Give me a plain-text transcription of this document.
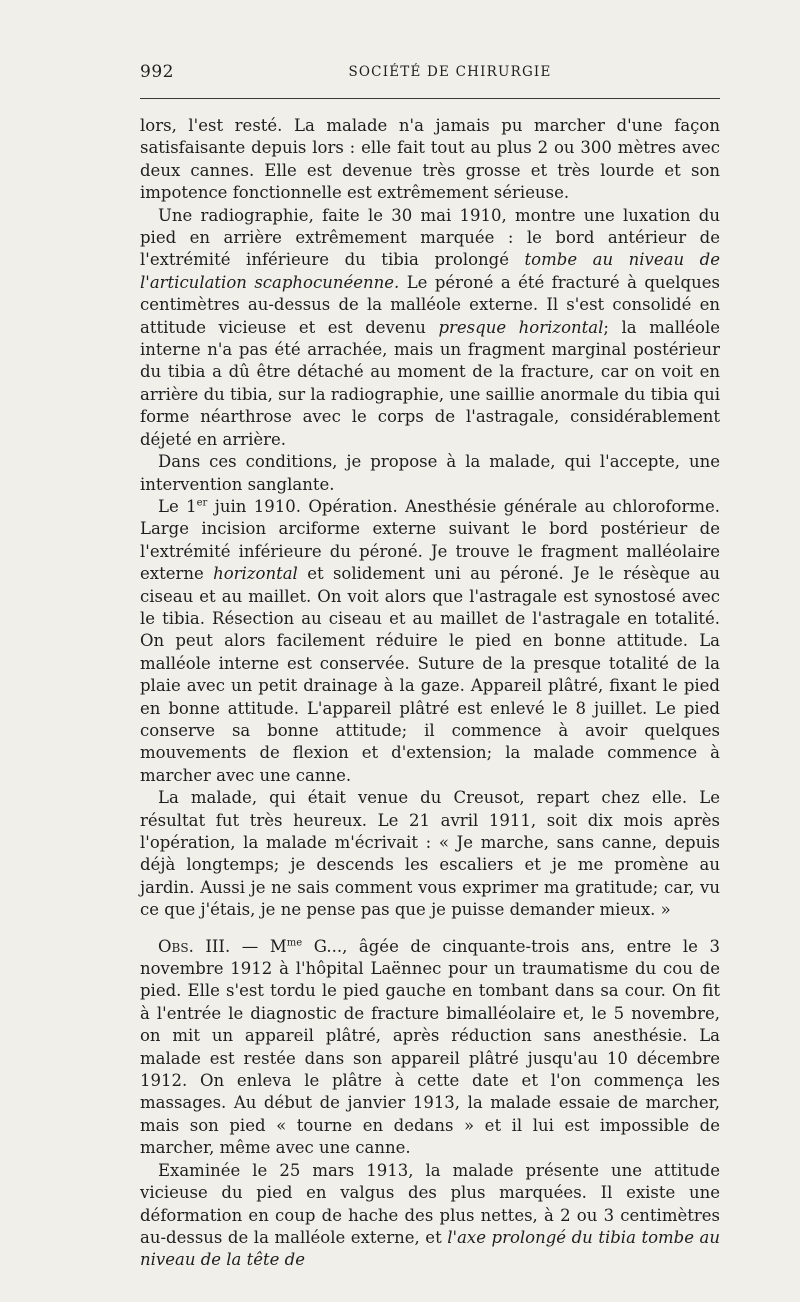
992	SOCIÉTÉ DE CHIRURGIE

lors, l'est resté. La malade n'a jamais pu marcher d'une façon satisfaisante depuis lors : elle fait tout au plus 2 ou 300 mètres avec deux cannes. Elle est devenue très grosse et très lourde et son impotence fonctionnelle est extrêmement sérieuse.

Une radiographie, faite le 30 mai 1910, montre une luxation du pied en arrière extrêmement marquée : le bord antérieur de l'extrémité inférieure du tibia prolongé tombe au niveau de l'articulation scaphocunéenne. Le péroné a été fracturé à quelques centimètres au-dessus de la malléole externe. Il s'est consolidé en attitude vicieuse et est devenu presque horizontal; la malléole interne n'a pas été arrachée, mais un fragment marginal postérieur du tibia a dû être détaché au moment de la fracture, car on voit en arrière du tibia, sur la radiographie, une saillie anormale du tibia qui forme néarthrose avec le corps de l'astragale, considérablement déjeté en arrière.

Dans ces conditions, je propose à la malade, qui l'accepte, une intervention sanglante.

Le 1er juin 1910. Opération. Anesthésie générale au chloroforme. Large incision arciforme externe suivant le bord postérieur de l'extrémité inférieure du péroné. Je trouve le fragment malléolaire externe horizontal et solidement uni au péroné. Je le résèque au ciseau et au maillet. On voit alors que l'astragale est synostosé avec le tibia. Résection au ciseau et au maillet de l'astragale en totalité. On peut alors facilement réduire le pied en bonne attitude. La malléole interne est conservée. Suture de la presque totalité de la plaie avec un petit drainage à la gaze. Appareil plâtré, fixant le pied en bonne attitude. L'appareil plâtré est enlevé le 8 juillet. Le pied conserve sa bonne attitude; il commence à avoir quelques mouvements de flexion et d'extension; la malade commence à marcher avec une canne.

La malade, qui était venue du Creusot, repart chez elle. Le résultat fut très heureux. Le 21 avril 1911, soit dix mois après l'opération, la malade m'écrivait : « Je marche, sans canne, depuis déjà longtemps; je descends les escaliers et je me promène au jardin. Aussi je ne sais comment vous exprimer ma gratitude; car, vu ce que j'étais, je ne pense pas que je puisse demander mieux. »

Obs. III. — $M^{me}$ G..., âgée de cinquante-trois ans, entre le 3 novembre 1912 à l'hôpital Laënnec pour un traumatisme du cou de pied. Elle s'est tordu le pied gauche en tombant dans sa cour. On fit à l'entrée le diagnostic de fracture bimalléolaire et, le 5 novembre, on mit un appareil plâtré, après réduction sans anesthésie. La malade est restée dans son appareil plâtré jusqu'au 10 décembre 1912. On enleva le plâtre à cette date et l'on commença les massages. Au début de janvier 1913, la malade essaie de marcher, mais son pied « tourne en dedans » et il lui est impossible de marcher, même avec une canne.

Examinée le 25 mars 1913, la malade présente une attitude vicieuse du pied en valgus des plus marquées. Il existe une déformation en coup de hache des plus nettes, à 2 ou 3 centimètres au-dessus de la malléole externe, et l'axe prolongé du tibia tombe au niveau de la tête de
